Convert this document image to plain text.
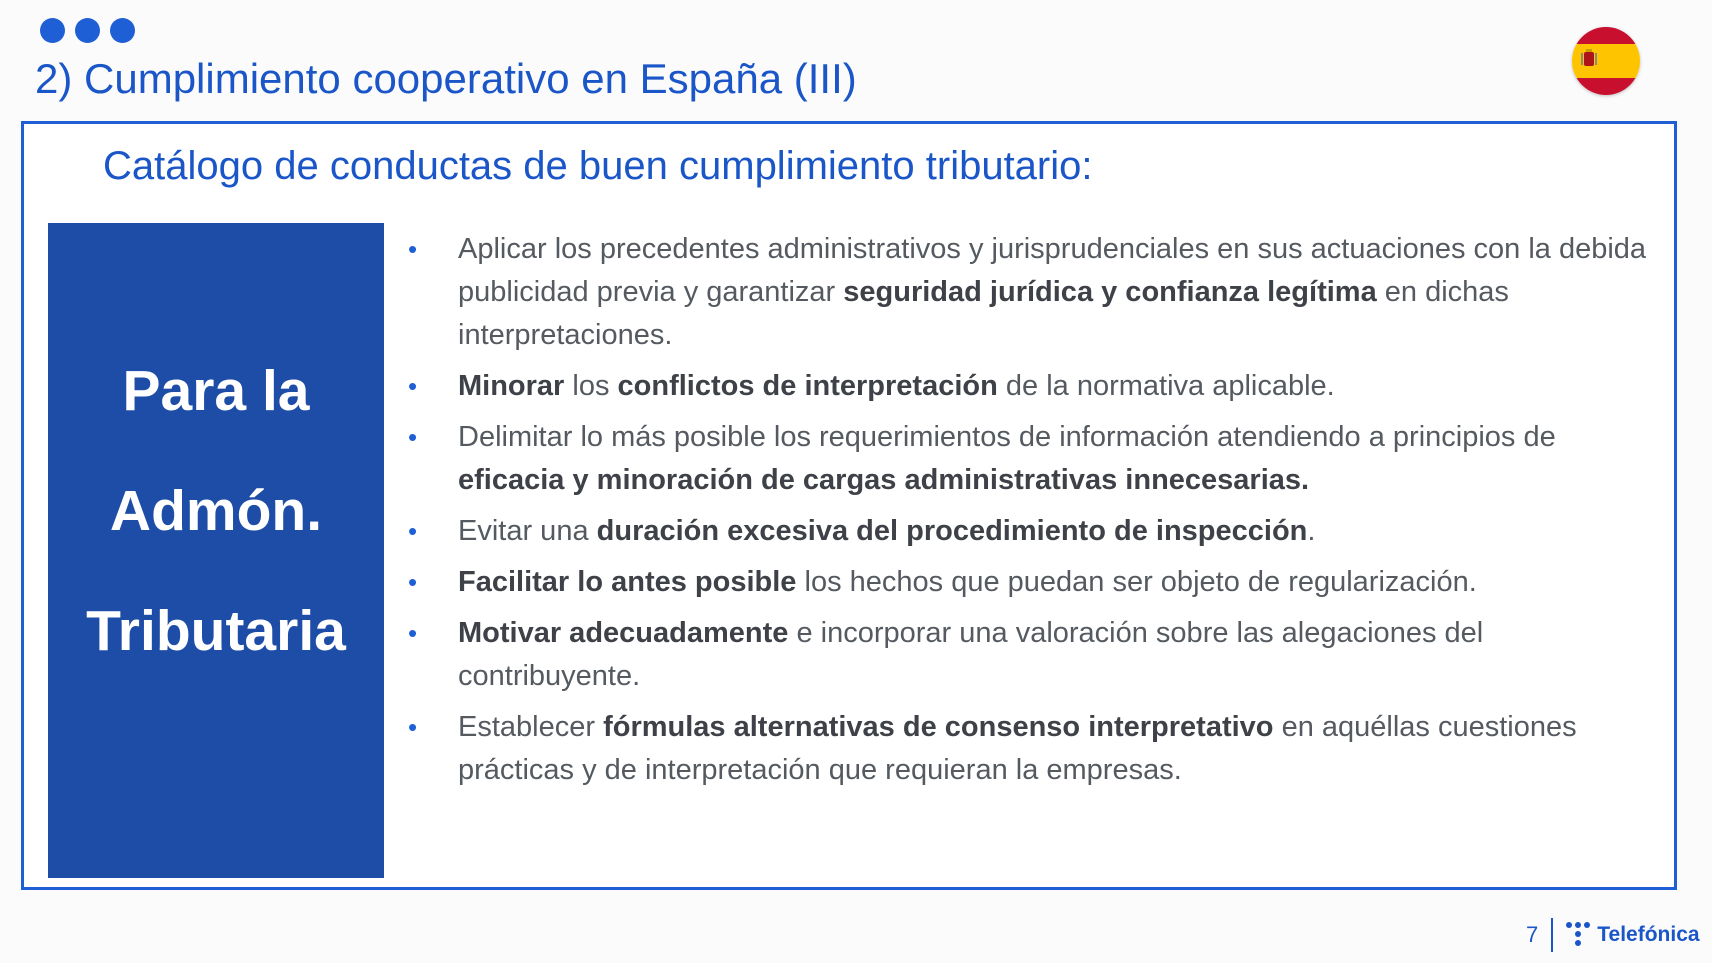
2) Cumplimiento cooperativo en España (III)
Catálogo de conductas de buen cumplimiento tributario:
Para la
Admón.
Tributaria
• Aplicar los precedentes administrativos y jurisprudenciales en sus actuaciones con la debida publicidad previa y garantizar seguridad jurídica y confianza legítima en dichas interpretaciones.
• Minorar los conflictos de interpretación de la normativa aplicable.
• Delimitar lo más posible los requerimientos de información atendiendo a principios de eficacia y minoración de cargas administrativas innecesarias.
• Evitar una duración excesiva del procedimiento de inspección.
• Facilitar lo antes posible los hechos que puedan ser objeto de regularización.
• Motivar adecuadamente e incorporar una valoración sobre las alegaciones del contribuyente.
• Establecer fórmulas alternativas de consenso interpretativo en aquéllas cuestiones prácticas y de interpretación que requieran la empresas.
7	Telefónica
